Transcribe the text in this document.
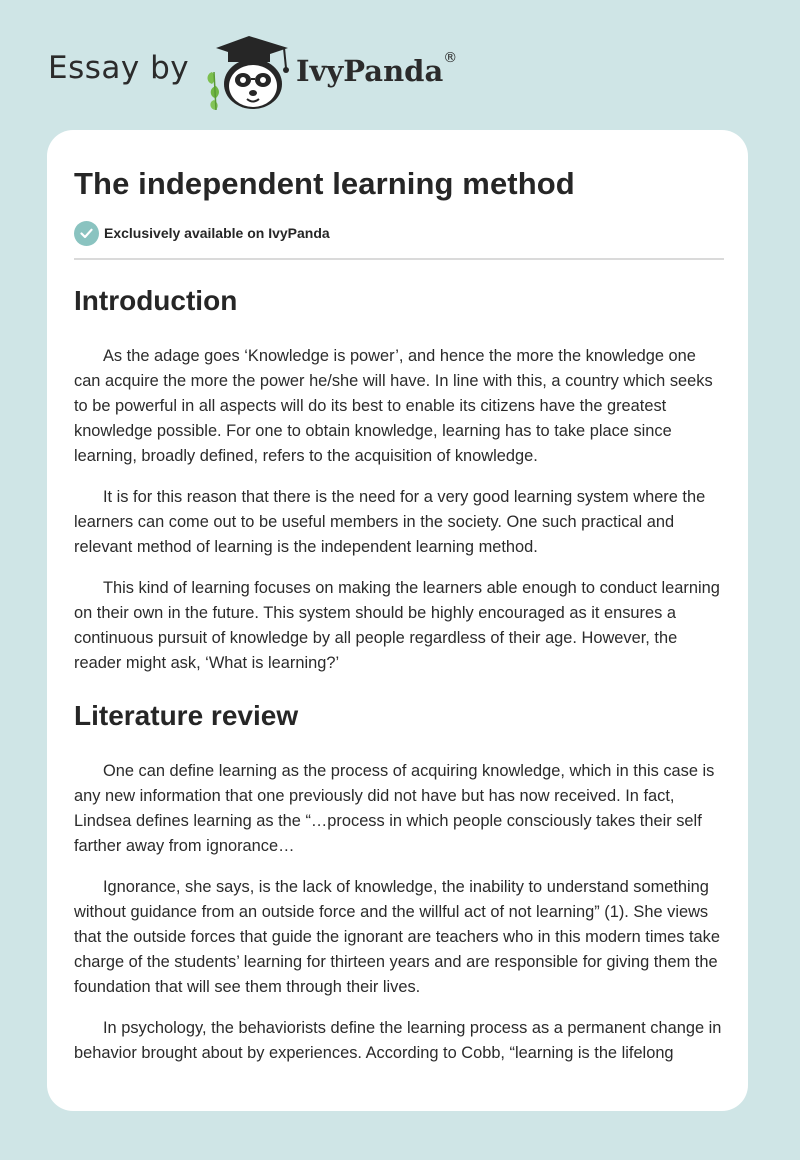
Essay by	IvyPanda®
The independent learning method
Exclusively available on IvyPanda
Introduction

As the adage goes ‘Knowledge is power’, and hence the more the knowledge one can acquire the more the power he/she will have. In line with this, a country which seeks to be powerful in all aspects will do its best to enable its citizens have the greatest knowledge possible. For one to obtain knowledge, learning has to take place since learning, broadly defined, refers to the acquisition of knowledge.

It is for this reason that there is the need for a very good learning system where the learners can come out to be useful members in the society. One such practical and relevant method of learning is the independent learning method.

This kind of learning focuses on making the learners able enough to conduct learning on their own in the future. This system should be highly encouraged as it ensures a continuous pursuit of knowledge by all people regardless of their age. However, the reader might ask, ‘What is learning?’

Literature review

One can define learning as the process of acquiring knowledge, which in this case is any new information that one previously did not have but has now received. In fact, Lindsea defines learning as the “…process in which people consciously takes their self farther away from ignorance…

Ignorance, she says, is the lack of knowledge, the inability to understand something without guidance from an outside force and the willful act of not learning” (1). She views that the outside forces that guide the ignorant are teachers who in this modern times take charge of the students’ learning for thirteen years and are responsible for giving them the foundation that will see them through their lives.

In psychology, the behaviorists define the learning process as a permanent change in behavior brought about by experiences. According to Cobb, “learning is the lifelong
